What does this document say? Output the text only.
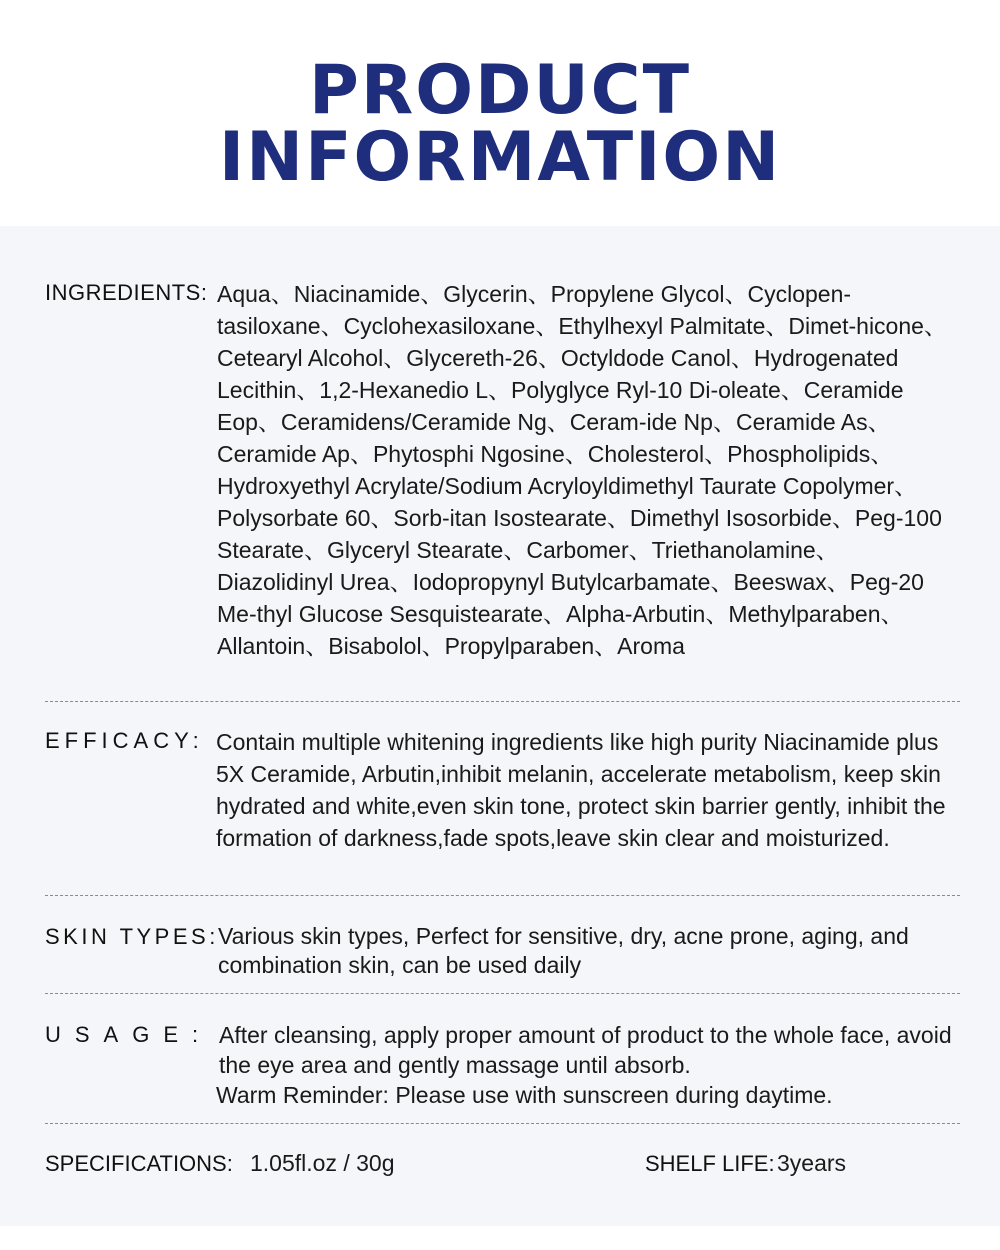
PRODUCT
INFORMATION
INGREDIENTS: Aqua、Niacinamide、Glycerin、Propylene Glycol、Cyclopen-tasiloxane、Cyclohexasiloxane、Ethylhexyl Palmitate、Dimet-hicone、Cetearyl Alcohol、Glycereth-26、Octyldode Canol、Hydrogenated Lecithin、1,2-Hexanedio L、Polyglyce Ryl-10 Di-oleate、Ceramide Eop、Ceramidens/Ceramide Ng、Ceram-ide Np、Ceramide As、Ceramide Ap、Phytosphi Ngosine、Cholesterol、Phospholipids、Hydroxyethyl Acrylate/Sodium Acryloyldimethyl Taurate Copolymer、Polysorbate 60、Sorb-itan Isostearate、Dimethyl Isosorbide、Peg-100 Stearate、Glyceryl Stearate、Carbomer、Triethanolamine、Diazolidinyl Urea、Iodopropynyl Butylcarbamate、Beeswax、Peg-20 Me-thyl Glucose Sesquistearate、Alpha-Arbutin、Methylparaben、Allantoin、Bisabolol、Propylparaben、Aroma
EFFICACY: Contain multiple whitening ingredients like high purity Niacinamide plus 5X Ceramide, Arbutin,inhibit melanin, accelerate metabolism, keep skin hydrated and white,even skin tone, protect skin barrier gently, inhibit the formation of darkness,fade spots,leave skin clear and moisturized.
SKIN TYPES: Various skin types, Perfect for sensitive, dry, acne prone, aging, and combination skin, can be used daily
USAGE: After cleansing, apply proper amount of product to the whole face, avoid the eye area and gently massage until absorb.
Warm Reminder: Please use with sunscreen during daytime.
SPECIFICATIONS: 1.05fl.oz / 30g	SHELF LIFE: 3years
